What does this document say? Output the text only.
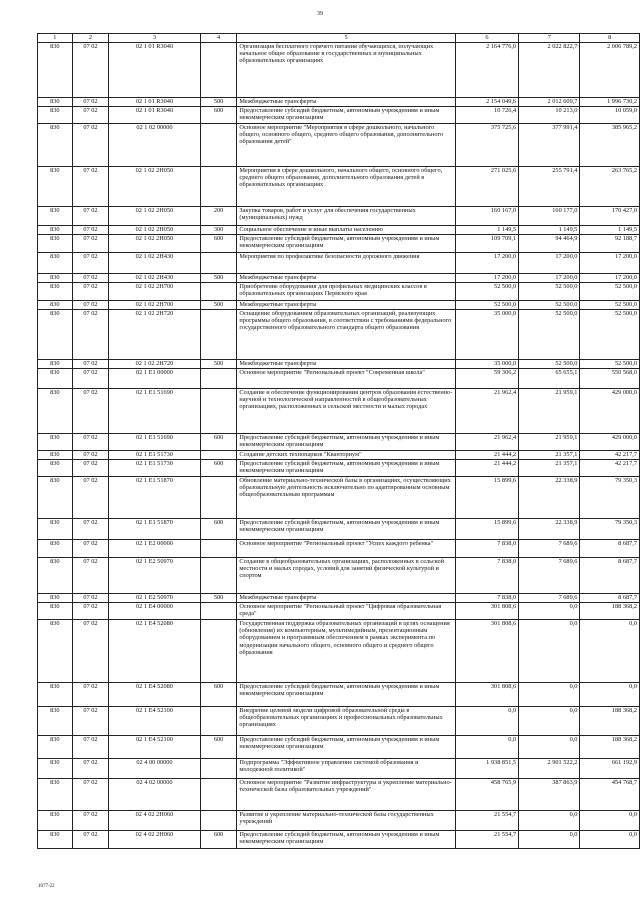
39
1	2	3	4	5	6	7	8
830	07 02	02 1 01 R3040		Организация бесплатного горячего питания обучающихся, получающих начальное общее образование в государственных и муниципальных образовательных организациях	2 164 776,0	2 022 822,7	2 006 789,2
830	07 02	02 1 01 R3040	500	Межбюджетные трансферты	2 154 049,6	2 012 609,7	1 996 730,2
830	07 02	02 1 01 R3040	600	Предоставление субсидий бюджетным, автономным учреждениям и иным некоммерческим организациям	10 726,4	10 213,0	10 059,0
830	07 02	02 1 02 00000		Основное мероприятие "Мероприятия в сфере дошкольного, начального общего, основного общего, среднего общего образования, дополнительного образования детей"	375 725,6	377 991,4	385 965,2
830	07 02	02 1 02 2Н050		Мероприятия в сфере дошкольного, начального общего, основного общего, среднего общего образования, дополнительного образования детей в образовательных организациях	271 025,6	255 791,4	263 765,2
830	07 02	02 1 02 2Н050	200	Закупка товаров, работ и услуг для обеспечения государственных (муниципальных) нужд	160 167,0	160 177,0	170 427,0
830	07 02	02 1 02 2Н050	300	Социальное обеспечение и иные выплаты населению	1 149,5	1 149,5	1 149,5
830	07 02	02 1 02 2Н050	600	Предоставление субсидий бюджетным, автономным учреждениям и иным некоммерческим организациям	109 709,1	94 464,9	92 188,7
830	07 02	02 1 02 2Н430		Мероприятия по профилактике безопасности дорожного движения	17 200,0	17 200,0	17 200,0
830	07 02	02 1 02 2Н430	500	Межбюджетные трансферты	17 200,0	17 200,0	17 200,0
830	07 02	02 1 02 2Н700		Приобретение оборудования для профильных медицинских классов в образовательных организациях Пермского края	52 500,0	52 500,0	52 500,0
830	07 02	02 1 02 2Н700	500	Межбюджетные трансферты	52 500,0	52 500,0	52 500,0
830	07 02	02 1 02 2Н720		Оснащение оборудованием образовательных организаций, реализующих программы общего образования, в соответствии с требованиями федерального государственного образовательного стандарта общего образования	35 000,0	52 500,0	52 500,0
830	07 02	02 1 02 2Н720	500	Межбюджетные трансферты	35 000,0	52 500,0	52 500,0
830	07 02	02 1 E1 00000		Основное мероприятие "Региональный проект "Современная школа"	59 306,2	65 655,1	550 568,0
830	07 02	02 1 E1 51690		Создание и обеспечение функционирования центров образования естественно-научной и технологической направленностей в общеобразовательных организациях, расположенных в сельской местности и малых городах	21 962,4	21 959,1	429 000,0
830	07 02	02 1 E1 51690	600	Предоставление субсидий бюджетным, автономным учреждениям и иным некоммерческим организациям	21 962,4	21 959,1	429 000,0
830	07 02	02 1 E1 51730		Создание детских технопарков "Кванториум"	21 444,2	21 357,1	42 217,7
830	07 02	02 1 E1 51730	600	Предоставление субсидий бюджетным, автономным учреждениям и иным некоммерческим организациям	21 444,2	21 357,1	42 217,7
830	07 02	02 1 E1 51870		Обновление материально-технической базы в организациях, осуществляющих образовательную деятельность исключительно по адаптированным основным общеобразовательным программам	15 899,6	22 338,9	79 350,3
830	07 02	02 1 E1 51870	600	Предоставление субсидий бюджетным, автономным учреждениям и иным некоммерческим организациям	15 899,6	22 338,9	79 350,3
830	07 02	02 1 E2 00000		Основное мероприятие "Региональный проект "Успех каждого ребенка"	7 838,0	7 689,6	8 687,7
830	07 02	02 1 E2 50970		Создание в общеобразовательных организациях, расположенных в сельской местности и малых городах, условий для занятий физической культурой и спортом	7 838,0	7 689,6	8 687,7
830	07 02	02 1 E2 50970	500	Межбюджетные трансферты	7 838,0	7 689,6	8 687,7
830	07 02	02 1 E4 00000		Основное мероприятие "Региональный проект "Цифровая образовательная среда"	301 808,6	0,0	188 368,2
830	07 02	02 1 E4 52080		Государственная поддержка образовательных организаций в целях оснащения (обновления) их компьютерным, мультимедийным, презентационным оборудованием и программным обеспечением в рамках эксперимента по модернизации начального общего, основного общего и среднего общего образования	301 808,6	0,0	0,0
830	07 02	02 1 E4 52080	600	Предоставление субсидий бюджетным, автономным учреждениям и иным некоммерческим организациям	301 808,6	0,0	0,0
830	07 02	02 1 E4 52100		Внедрение целевой модели цифровой образовательной среды в общеобразовательных организациях и профессиональных образовательных организациях	0,0	0,0	188 368,2
830	07 02	02 1 E4 52100	600	Предоставление субсидий бюджетным, автономным учреждениям и иным некоммерческим организациям	0,0	0,0	188 368,2
830	07 02	02 4 00 00000		Подпрограмма "Эффективное управление системой образования и молодежной политикой"	1 938 851,5	2 901 522,2	661 192,9
830	07 02	02 4 02 00000		Основное мероприятие "Развитие инфраструктуры и укрепление материально-технической базы образовательных учреждений"	458 765,9	387 863,9	454 768,7
830	07 02	02 4 02 2Н060		Развитие и укрепление материально-технической базы государственных учреждений	21 554,7	0,0	0,0
830	07 02	02 4 02 2Н060	600	Предоставление субсидий бюджетным, автономным учреждениям и иным некоммерческим организациям	21 554,7	0,0	0,0
1077-22
